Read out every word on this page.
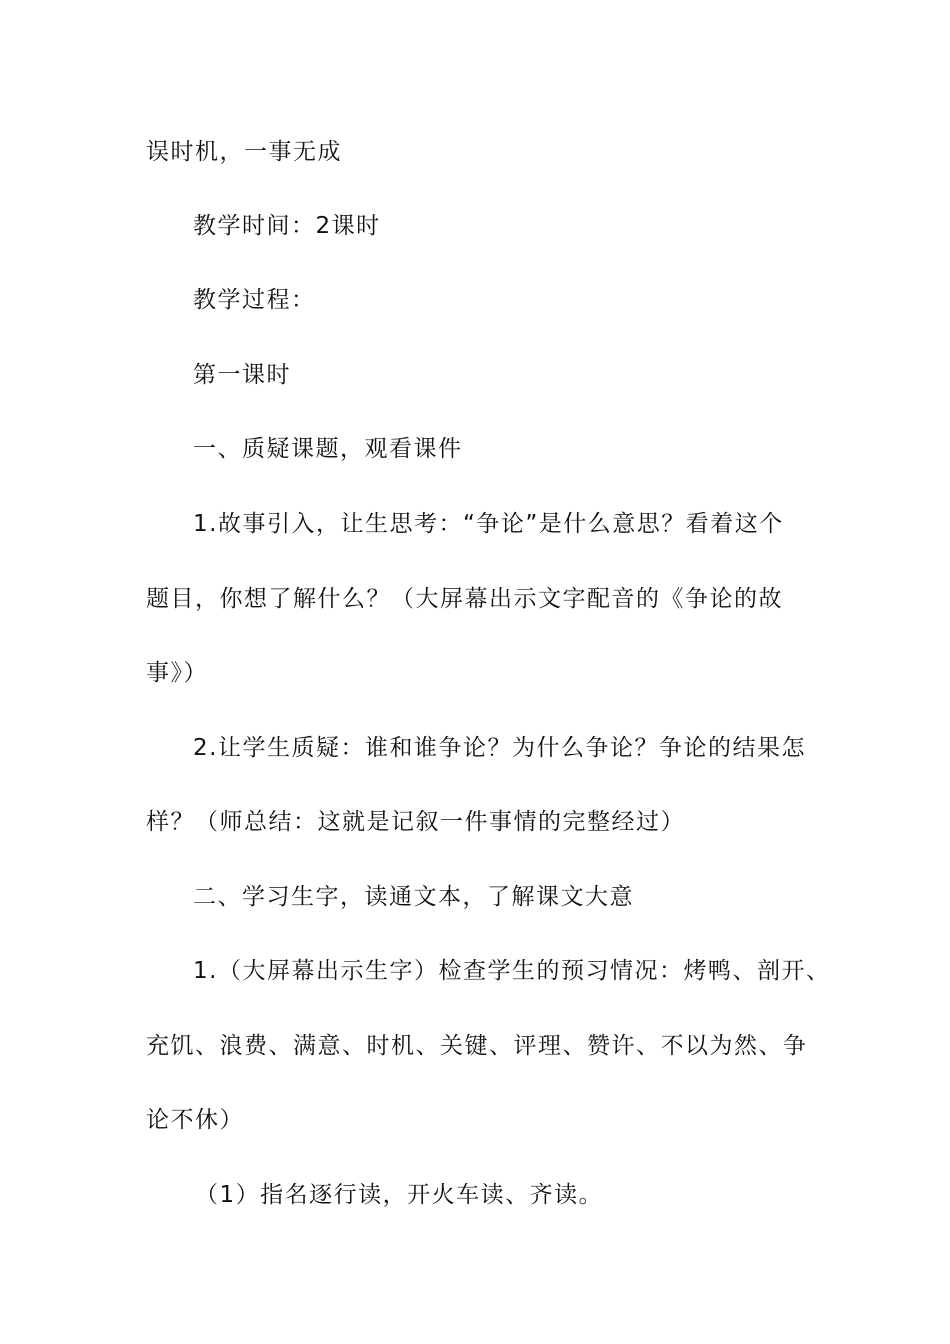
误时机，一事无成
教学时间：2课时
教学过程：
第一课时
一、质疑课题，观看课件
1.故事引入，让生思考：“争论”是什么意思？看着这个
题目，你想了解什么？（大屏幕出示文字配音的《争论的故
事》）
2.让学生质疑：谁和谁争论？为什么争论？争论的结果怎
样？（师总结：这就是记叙一件事情的完整经过）
二、学习生字，读通文本，了解课文大意
1.（大屏幕出示生字）检查学生的预习情况：烤鸭、剖开、
充饥、浪费、满意、时机、关键、评理、赞许、不以为然、争
论不休）
（1）指名逐行读，开火车读、齐读。
